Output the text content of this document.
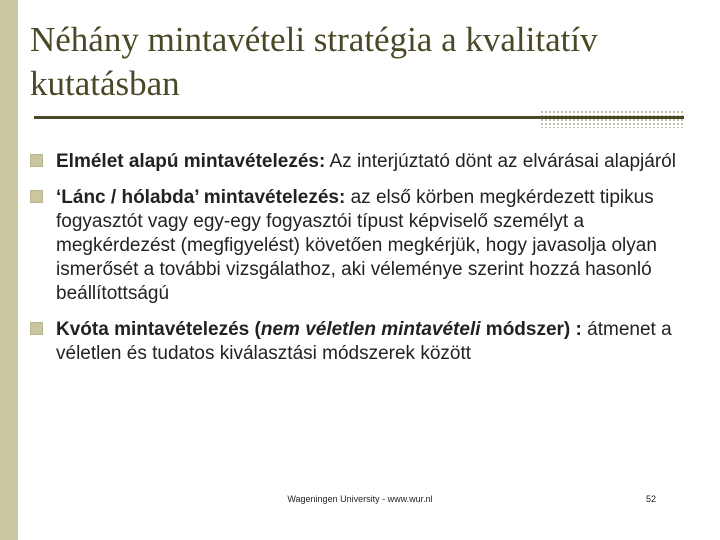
Néhány mintavételi stratégia a kvalitatív kutatásban
Elmélet alapú mintavételezés: Az interjúztató dönt az elvárásai alapjáról
‘Lánc / hólabda’ mintavételezés: az első körben megkérdezett tipikus fogyasztót vagy egy-egy fogyasztói típust képviselő személyt a megkérdezést (megfigyelést) követően megkérjük, hogy javasolja olyan ismerősét a további vizsgálathoz, aki véleménye szerint hozzá hasonló beállítottságú
Kvóta mintavételezés (nem véletlen mintavételi módszer) : átmenet a véletlen és tudatos kiválasztási módszerek között
Wageningen University - www.wur.nl	52
